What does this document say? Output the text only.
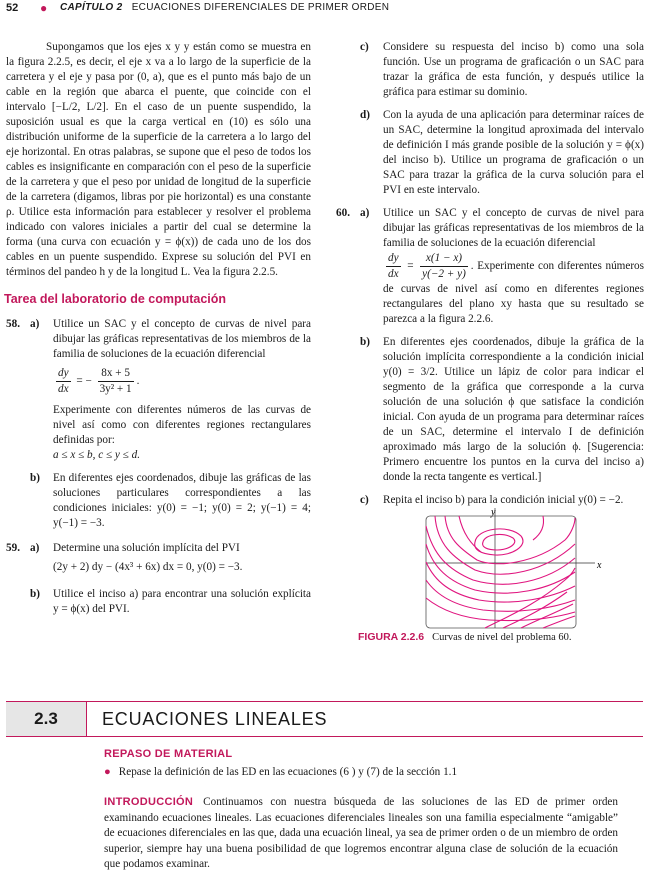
52 ● CAPÍTULO 2 ECUACIONES DIFERENCIALES DE PRIMER ORDEN

Supongamos que los ejes x y y están como se muestra en la figura 2.2.5, es decir, el eje x va a lo largo de la superficie de la carretera y el eje y pasa por (0, a), que es el punto más bajo de un cable en la región que abarca el puente, que coincide con el intervalo [−L/2, L/2]. En el caso de un puente suspendido, la suposición usual es que la carga vertical en (10) es sólo una distribución uniforme de la superficie de la carretera a lo largo del eje horizontal. En otras palabras, se supone que el peso de todos los cables es insignificante en comparación con el peso de la superficie de la carretera y que el peso por unidad de longitud de la superficie de la carretera (digamos, libras por pie horizontal) es una constante ρ. Utilice esta información para establecer y resolver el problema indicado con valores iniciales a partir del cual se determine la forma (una curva con ecuación y = ϕ(x)) de cada uno de los dos cables en un puente suspendido. Exprese su solución del PVI en términos del pandeo h y de la longitud L. Vea la figura 2.2.5.

Tarea del laboratorio de computación
58. a) Utilice un SAC y el concepto de curvas de nivel para dibujar las gráficas representativas de los miembros de la familia de soluciones de la ecuación diferencial

$\frac{dy}{dx}$ = − $\frac{8x + 5}{\text{3y² + 1}}$ .

Experimente con diferentes números de las curvas de nivel así como con diferentes regiones rectangulares definidas por:

a ≤ x ≤ b, c ≤ y ≤ d.

b) En diferentes ejes coordenados, dibuje las gráficas de las soluciones particulares correspondientes a las condiciones iniciales: y(0) = −1; y(0) = 2; y(−1) = 4; y(−1) = −3.

59. a) Determine una solución implícita del PVI

(2y + 2) dy − (4x³ + 6x) dx = 0, y(0) = −3.

b) Utilice el inciso a) para encontrar una solución explícita y = ϕ(x) del PVI.

c) Considere su respuesta del inciso b) como una sola función. Use un programa de graficación o un SAC para trazar la gráfica de esta función, y después utilice la gráfica para estimar su dominio.

d) Con la ayuda de una aplicación para determinar raíces de un SAC, determine la longitud aproximada del intervalo de definición I más grande posible de la solución y = ϕ(x) del inciso b). Utilice un programa de graficación o un SAC para trazar la gráfica de la curva solución para el PVI en este intervalo.

60. a) Utilice un SAC y el concepto de curvas de nivel para dibujar las gráficas representativas de los miembros de la familia de soluciones de la ecuación diferencial

$\frac{dy}{dx} = \frac{x(1 - x)}{y(-2 + y)}$ . Experimente con diferentes números de curvas de nivel así como en diferentes regiones rectangulares del plano xy hasta que su resultado se parezca a la figura 2.2.6.

b) En diferentes ejes coordenados, dibuje la gráfica de la solución implícita correspondiente a la condición inicial y(0) = 3/2. Utilice un lápiz de color para indicar el segmento de la gráfica que corresponde a la curva solución de una solución ϕ que satisface la condición inicial. Con ayuda de un programa para determinar raíces de un SAC, determine el intervalo I de definición aproximado más largo de la solución ϕ. [Sugerencia: Primero encuentre los puntos en la curva del inciso a) donde la recta tangente es vertical.]

c) Repita el inciso b) para la condición inicial y(0) = −2.

x
y
FIGURA 2.2.6 Curvas de nivel del problema 60.
2.3	ECUACIONES LINEALES
REPASO DE MATERIAL
● Repase la definición de las ED en las ecuaciones (6 ) y (7) de la sección 1.1
INTRODUCCIÓN Continuamos con nuestra búsqueda de las soluciones de las ED de primer orden examinando ecuaciones lineales. Las ecuaciones diferenciales lineales son una familia especialmente “amigable” de ecuaciones diferenciales en las que, dada una ecuación lineal, ya sea de primer orden o de un miembro de orden superior, siempre hay una buena posibilidad de que logremos encontrar alguna clase de solución de la ecuación que podamos examinar.
